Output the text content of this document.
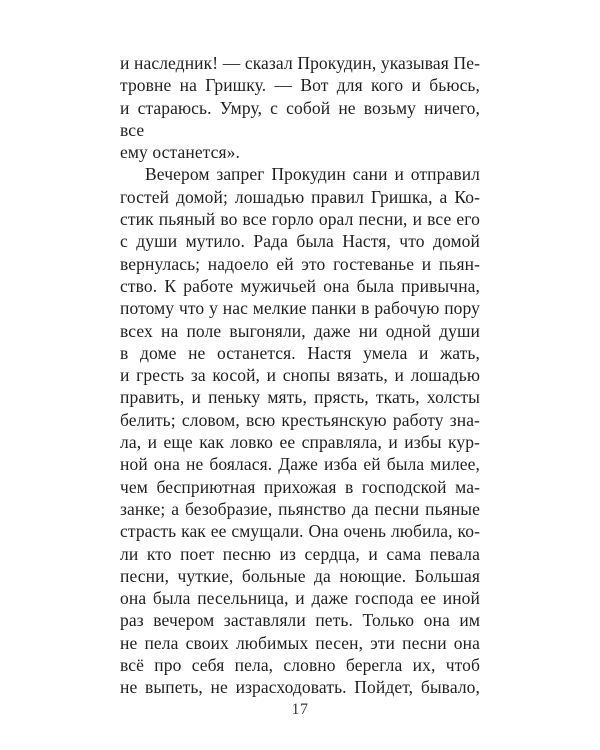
и наследник! — сказал Прокудин, указывая Пе-
тровне на Гришку. — Вот для кого и бьюсь,
и стараюсь. Умру, с собой не возьму ничего, все
ему останется».
Вечером запрег Прокудин сани и отправил
гостей домой; лошадью правил Гришка, а Ко-
стик пьяный во все горло орал песни, и все его
с души мутило. Рада была Настя, что домой
вернулась; надоело ей это гостеванье и пьян-
ство. К работе мужичьей она была привычна,
потому что у нас мелкие панки в рабочую пору
всех на поле выгоняли, даже ни одной души
в доме не останется. Настя умела и жать,
и гресть за косой, и снопы вязать, и лошадью
править, и пеньку мять, прясть, ткать, холсты
белить; словом, всю крестьянскую работу зна-
ла, и еще как ловко ее справляла, и избы кур-
ной она не боялася. Даже изба ей была милее,
чем бесприютная прихожая в господской ма-
занке; а безобразие, пьянство да песни пьяные
страсть как ее смущали. Она очень любила, ко-
ли кто поет песню из сердца, и сама певала
песни, чуткие, больные да ноющие. Большая
она была песельница, и даже господа ее иной
раз вечером заставляли петь. Только она им
не пела своих любимых песен, эти песни она
всё про себя пела, словно берегла их, чтоб
не выпеть, не израсходовать. Пойдет, бывало,
17
